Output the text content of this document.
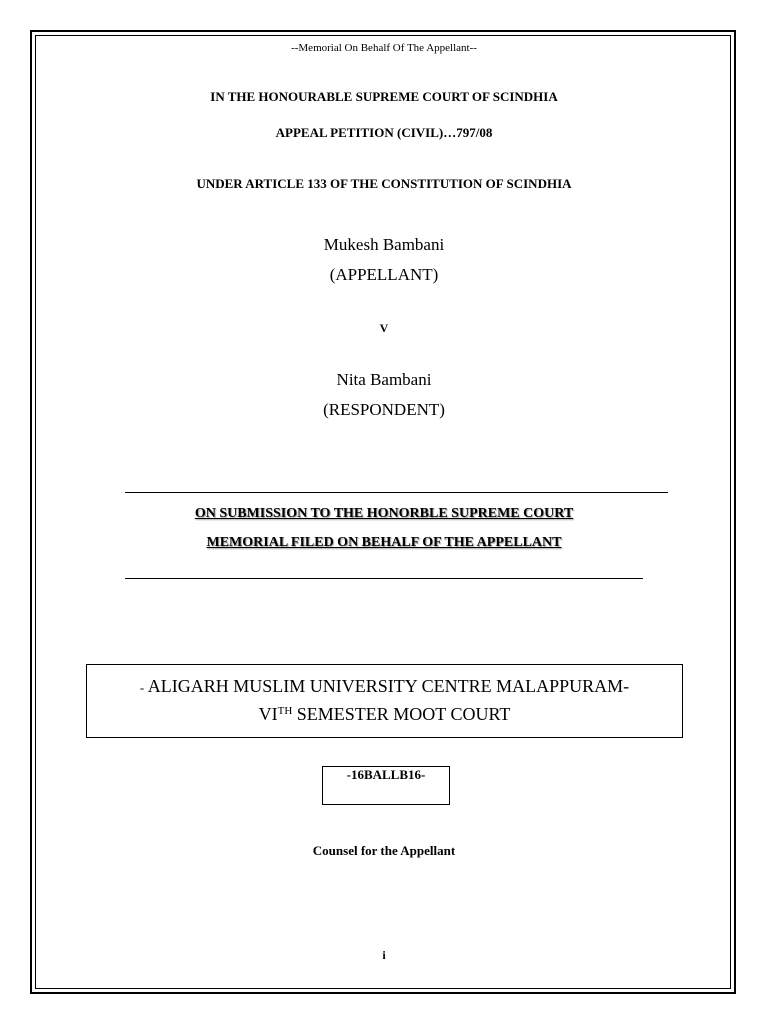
--Memorial On Behalf Of The Appellant--
IN THE HONOURABLE SUPREME COURT OF SCINDHIA
APPEAL PETITION (CIVIL)…797/08
UNDER ARTICLE 133 OF THE CONSTITUTION OF SCINDHIA
Mukesh Bambani
(APPELLANT)
V
Nita Bambani
(RESPONDENT)
ON SUBMISSION TO THE HONORBLE SUPREME COURT
MEMORIAL FILED ON BEHALF OF THE APPELLANT
- ALIGARH MUSLIM UNIVERSITY CENTRE MALAPPURAM-
VITH SEMESTER MOOT COURT
-16BALLB16-
Counsel for the Appellant
i
